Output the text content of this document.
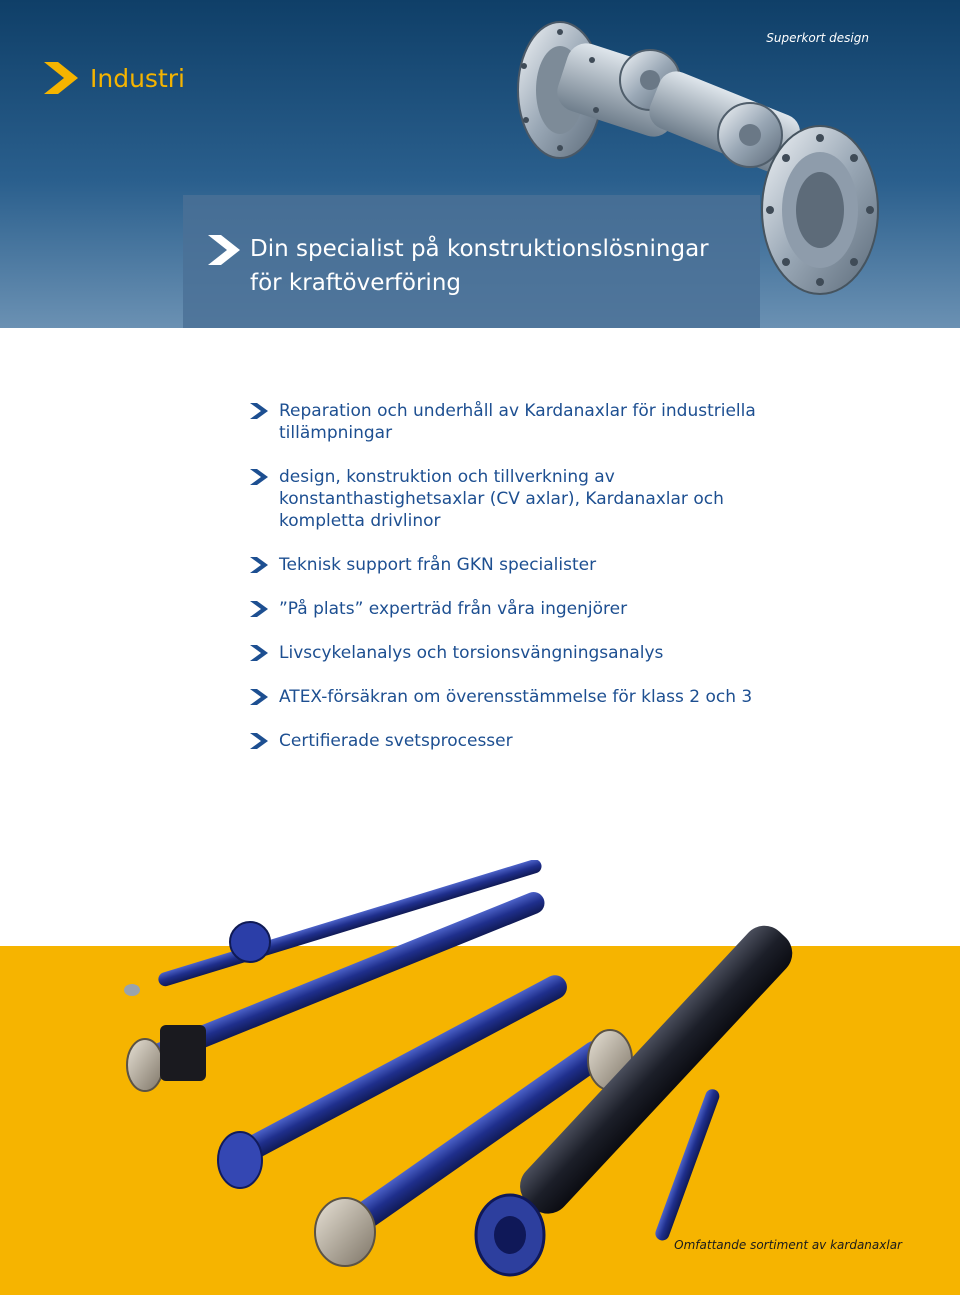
Industri
Superkort design
Din specialist på konstruktionslösningar för kraftöverföring
Reparation och underhåll av Kardanaxlar för industriella tillämpningar
design, konstruktion och tillverkning av konstanthastighetsaxlar (CV axlar), Kardanaxlar och kompletta drivlinor
Teknisk support från GKN specialister
”På plats” experträd från våra ingenjörer
Livscykelanalys och torsionsvängningsanalys
ATEX-försäkran om överensstämmelse för klass 2 och 3
Certifierade svetsprocesser
Omfattande sortiment av kardanaxlar
